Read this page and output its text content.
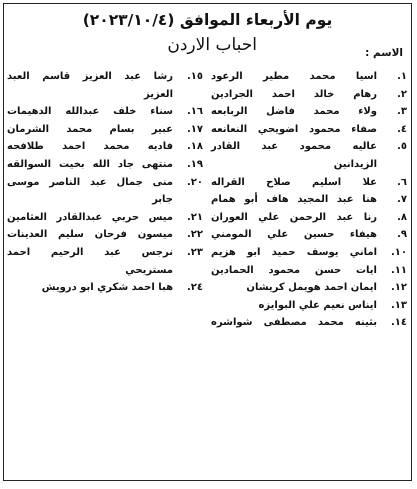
يوم الأربعاء الموافق (٢٠٢٣/١٠/٤)
الاسم :
احباب الاردن
١.
اسيا محمد مطير الرعود
٢.
رهام خالد احمد الجرادين
٣.
ولاء محمد فاضل الربابعه
٤.
صفاء محمود اضويحي النعانعه
٥.
عاليه محمود عبد القادر الزيدانين
٦.
علا اسليم صلاح القراله
٧.
هنا عبد المجيد هاف أبو همام
٨.
رنا عبد الرحمن علي العوران
٩.
هيفاء حسين علي المومني
١٠.
اماني يوسف حميد ابو هزيم
١١.
ايات حسن محمود الحمادين
١٢.
ايمان احمد هويمل كريشان
١٣.
ايناس نعيم علي البوايزه
١٤.
بثينه محمد مصطفى شواشره
١٥.
رشا عبد العزيز قاسم العبد العزيز
١٦.
سناء خلف عبدالله الدهيمات
١٧.
عبير بسام محمد الشرمان
١٨.
فاديه محمد احمد طلافحه
١٩.
منتهى جاد الله بخيت السوالقه
٢٠.
منى جمال عبد الناصر موسى جابر
٢١.
ميس حربي عبدالقادر العثامين
٢٢.
ميسون فرحان سليم العدينات
٢٣.
نرجس عبد الرحيم احمد مستريحي
٢٤.
هبا احمد شكري ابو درويش
